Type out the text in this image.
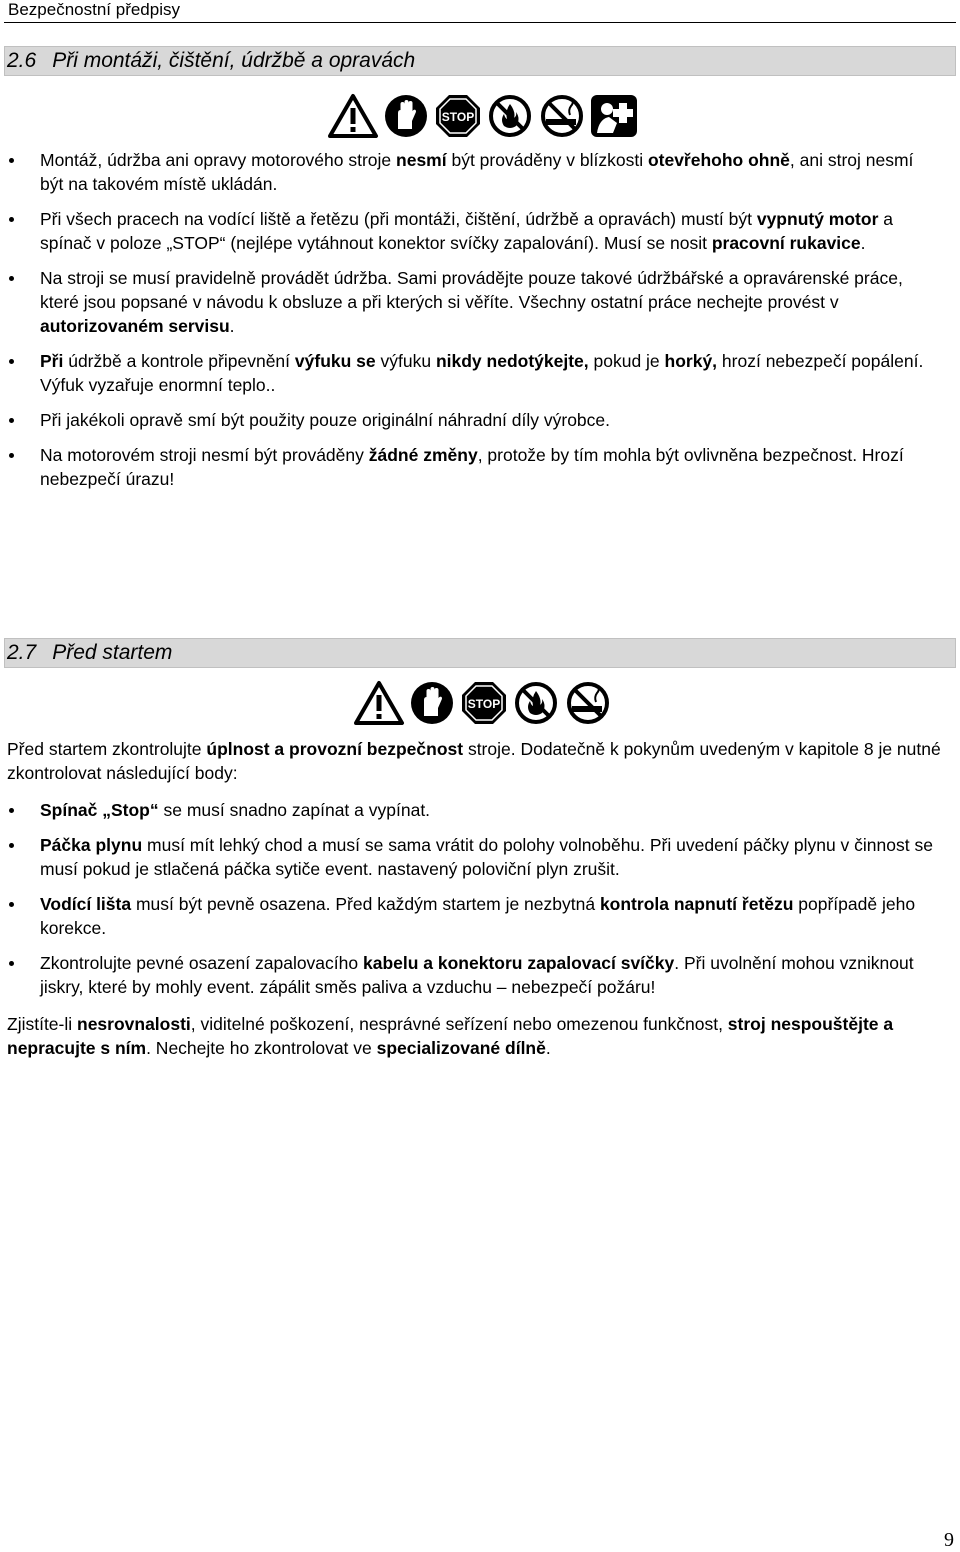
Bezpečnostní předpisy
2.6 Při montáži, čištění, údržbě a opravách
STOP
Montáž, údržba ani opravy motorového stroje nesmí být prováděny v blízkosti otevřehoho ohně, ani stroj nesmí být na takovém místě ukládán.
Při všech pracech na vodící liště a řetězu (při montáži, čištění, údržbě a opravách) mustí být vypnutý motor a spínač v poloze „STOP“ (nejlépe vytáhnout konektor svíčky zapalování). Musí se nosit pracovní rukavice.
Na stroji se musí pravidelně provádět údržba. Sami provádějte pouze takové údržbářské a opravárenské práce, které jsou popsané v návodu k obsluze a při kterých si věříte. Všechny ostatní práce nechejte provést v autorizovaném servisu.
Při údržbě a kontrole připevnění výfuku se výfuku nikdy nedotýkejte, pokud je horký, hrozí nebezpečí popálení. Výfuk vyzařuje enormní teplo..
Při jakékoli opravě smí být použity pouze originální náhradní díly výrobce.
Na motorovém stroji nesmí být prováděny žádné změny, protože by tím mohla být ovlivněna bezpečnost. Hrozí nebezpečí úrazu!
2.7 Před startem
STOP

Před startem zkontrolujte úplnost a provozní bezpečnost stroje. Dodatečně k pokynům uvedeným v kapitole 8 je nutné zkontrolovat následující body:

Spínač „Stop“ se musí snadno zapínat a vypínat.
Páčka plynu musí mít lehký chod a musí se sama vrátit do polohy volnoběhu. Při uvedení páčky plynu v činnost se musí pokud je stlačená páčka sytiče event. nastavený poloviční plyn zrušit.
Vodící lišta musí být pevně osazena. Před každým startem je nezbytná kontrola napnutí řetězu popřípadě jeho korekce.
Zkontrolujte pevné osazení zapalovacího kabelu a konektoru zapalovací svíčky. Při uvolnění mohou vzniknout jiskry, které by mohly event. zápálit směs paliva a vzduchu – nebezpečí požáru!

Zjistíte-li nesrovnalosti, viditelné poškození, nesprávné seřízení nebo omezenou funkčnost, stroj nespouštějte a nepracujte s ním. Nechejte ho zkontrolovat ve specializované dílně.

9
